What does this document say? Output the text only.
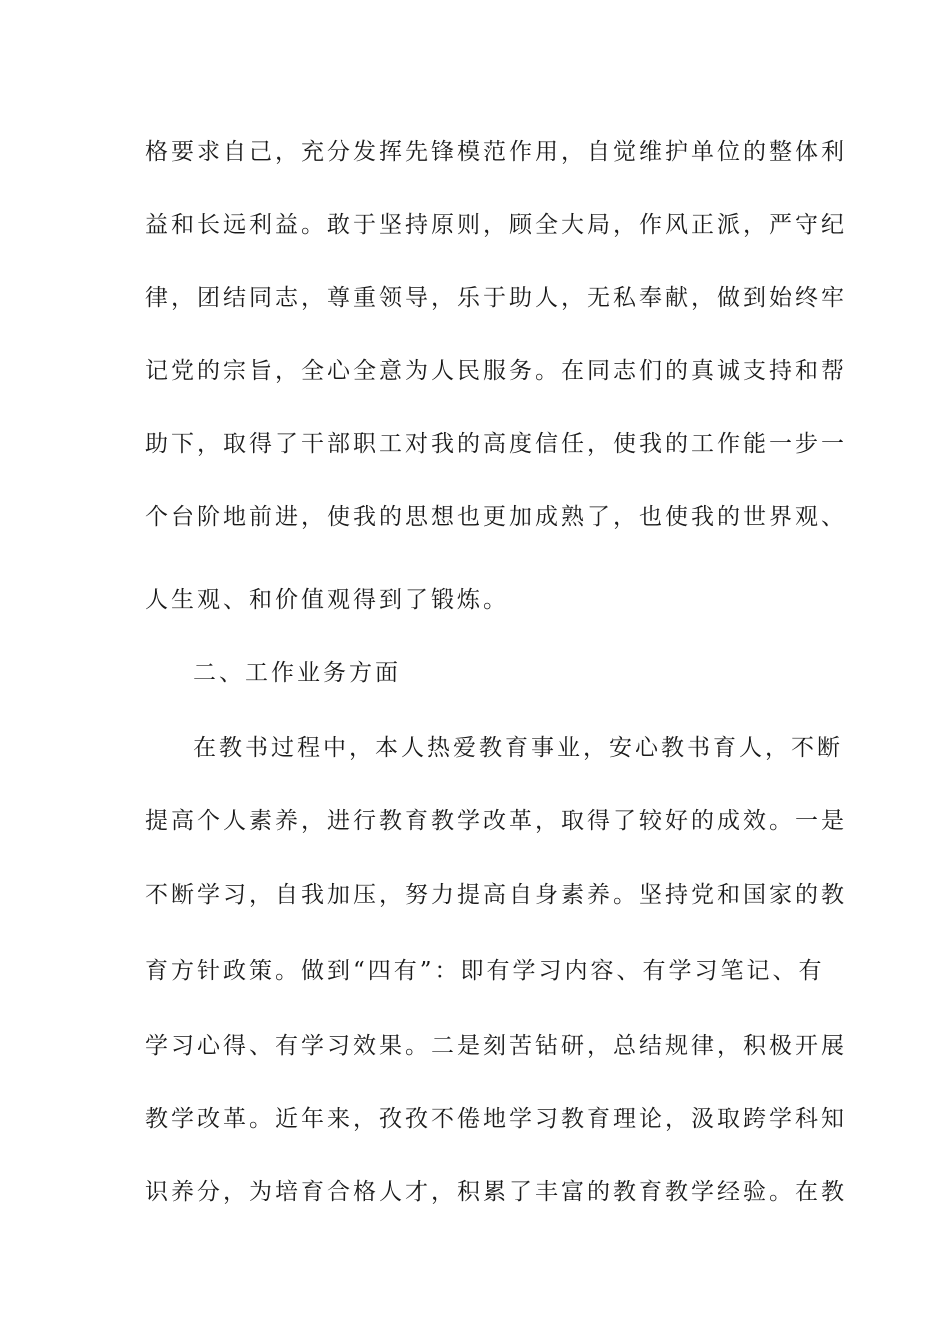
格要求自己，充分发挥先锋模范作用，自觉维护单位的整体利
益和长远利益。敢于坚持原则，顾全大局，作风正派，严守纪
律，团结同志，尊重领导，乐于助人，无私奉献，做到始终牢
记党的宗旨，全心全意为人民服务。在同志们的真诚支持和帮
助下，取得了干部职工对我的高度信任，使我的工作能一步一
个台阶地前进，使我的思想也更加成熟了，也使我的世界观、
人生观、和价值观得到了锻炼。
二、工作业务方面
在教书过程中，本人热爱教育事业，安心教书育人，不断
提高个人素养，进行教育教学改革，取得了较好的成效。一是
不断学习，自我加压，努力提高自身素养。坚持党和国家的教
育方针政策。做到“四有”：即有学习内容、有学习笔记、有
学习心得、有学习效果。二是刻苦钻研，总结规律，积极开展
教学改革。近年来，孜孜不倦地学习教育理论，汲取跨学科知
识养分，为培育合格人才，积累了丰富的教育教学经验。在教
